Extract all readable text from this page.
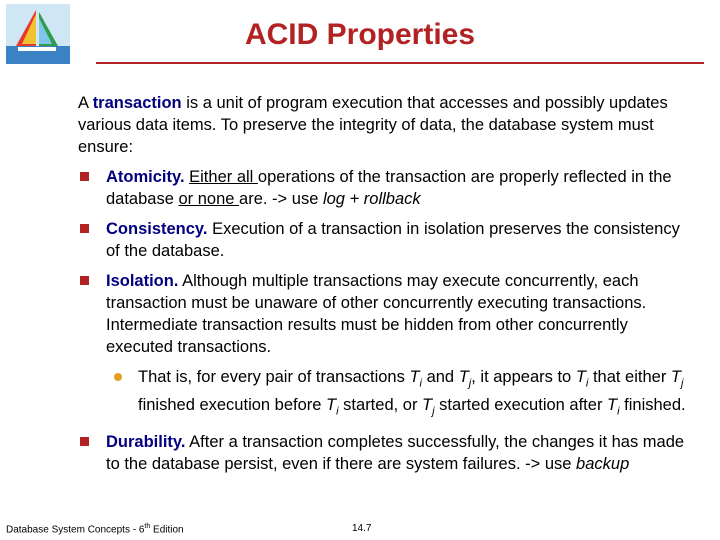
ACID Properties

A transaction is a unit of program execution that accesses and possibly updates various data items. To preserve the integrity of data, the database system must ensure:

Atomicity. Either all operations of the transaction are properly reflected in the database or none are. -> use log + rollback
Consistency. Execution of a transaction in isolation preserves the consistency of the database.
Isolation. Although multiple transactions may execute concurrently, each transaction must be unaware of other concurrently executing transactions. Intermediate transaction results must be hidden from other concurrently executed transactions.
That is, for every pair of transactions $T_i$ and $T_j$, it appears to $T_i$ that either $T_j$ finished execution before $T_i$ started, or $T_j$ started execution after $T_i$ finished.
Durability. After a transaction completes successfully, the changes it has made to the database persist, even if there are system failures. -> use backup
Database System Concepts - 6th Edition	14.7
